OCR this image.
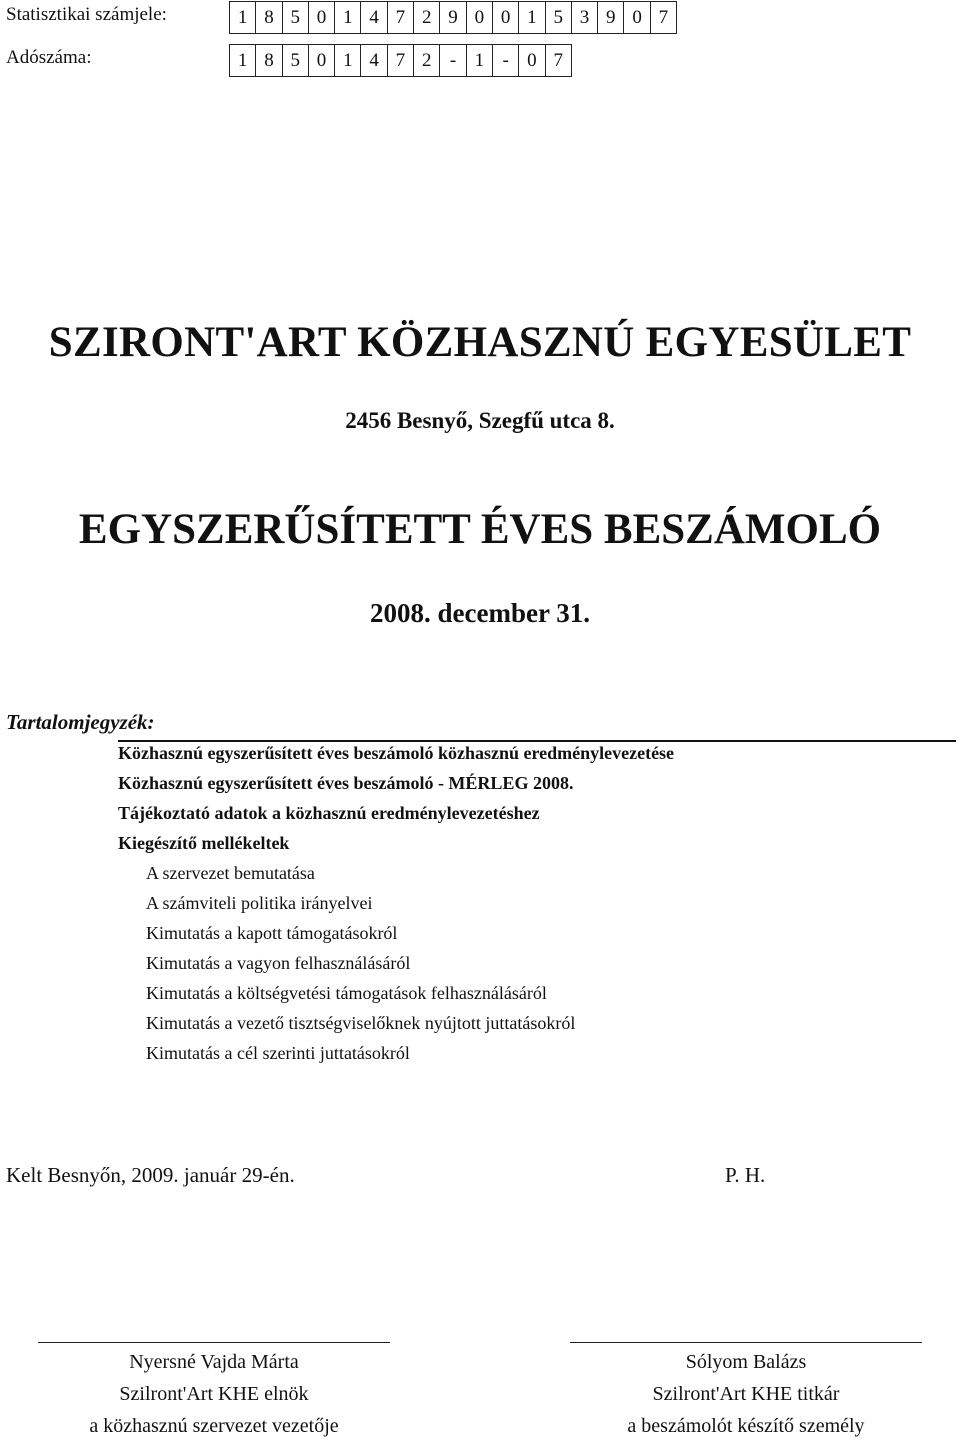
Statisztikai számjele:	1 8 5 0 1 4 7 2 9 0 0 1 5 3 9 0 7
Adószáma:	1 8 5 0 1 4 7 2 - 1 - 0 7
SZIRONT'ART KÖZHASZNÚ EGYESÜLET
2456 Besnyő, Szegfű utca 8.
EGYSZERŰSÍTETT ÉVES BESZÁMOLÓ
2008. december 31.
Tartalomjegyzék:
Közhasznú egyszerűsített éves beszámoló közhasznú eredménylevezetése
Közhasznú egyszerűsített éves beszámoló - MÉRLEG 2008.
Tájékoztató adatok a közhasznú eredménylevezetéshez
Kiegészítő mellékeltek
A szervezet bemutatása
A számviteli politika irányelvei
Kimutatás a kapott támogatásokról
Kimutatás a vagyon felhasználásáról
Kimutatás a költségvetési támogatások felhasználásáról
Kimutatás a vezető tisztségviselőknek nyújtott juttatásokról
Kimutatás a cél szerinti juttatásokról
Kelt Besnyőn, 2009. január 29-én.	P. H.
Nyersné Vajda Márta
Szilront'Art KHE elnök
a közhasznú szervezet vezetője
Sólyom Balázs
Szilront'Art KHE titkár
a beszámolót készítő személy
